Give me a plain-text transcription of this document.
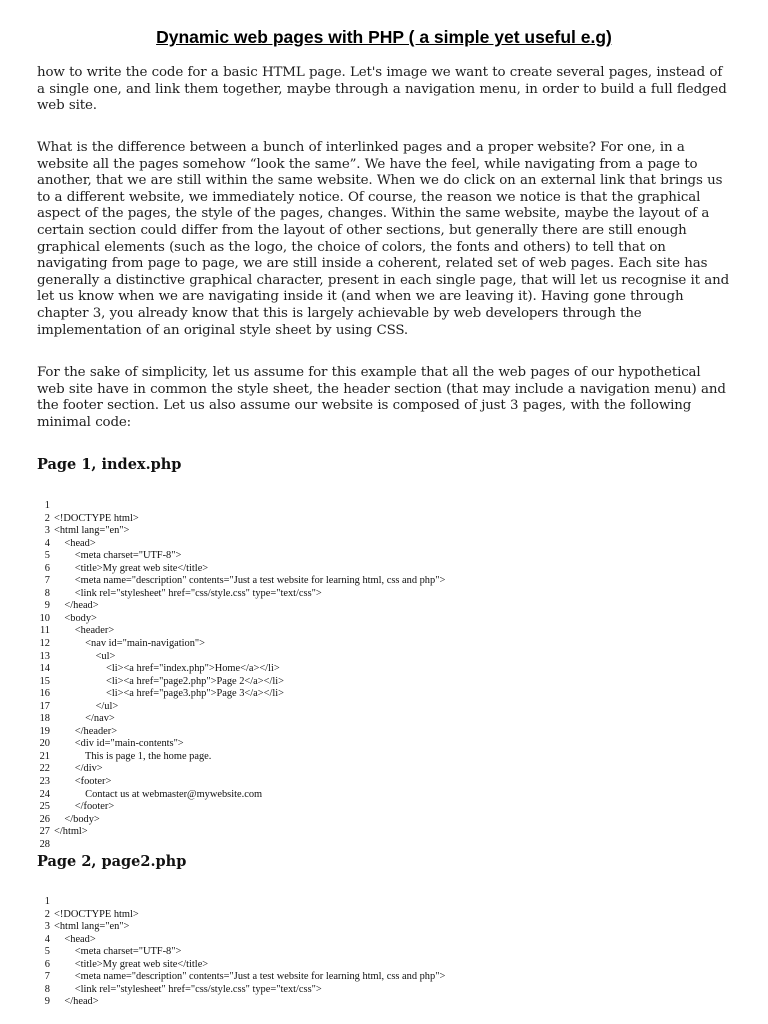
Dynamic web pages with PHP ( a simple yet useful e.g)

how to write the code for a basic HTML page. Let's image we want to create several pages, instead of a single one, and link them together, maybe through a navigation menu, in order to build a full fledged web site.

What is the difference between a bunch of interlinked pages and a proper website? For one, in a website all the pages somehow “look the same”. We have the feel, while navigating from a page to another, that we are still within the same website. When we do click on an external link that brings us to a different website, we immediately notice. Of course, the reason we notice is that the graphical aspect of the pages, the style of the pages, changes. Within the same website, maybe the layout of a certain section could differ from the layout of other sections, but generally there are still enough graphical elements (such as the logo, the choice of colors, the fonts and others) to tell that on navigating from page to page, we are still inside a coherent, related set of web pages. Each site has generally a distinctive graphical character, present in each single page, that will let us recognise it and let us know when we are navigating inside it (and when we are leaving it). Having gone through chapter 3, you already know that this is largely achievable by web developers through the implementation of an original style sheet by using CSS.

For the sake of simplicity, let us assume for this example that all the web pages of our hypothetical web site have in common the style sheet, the header section (that may include a navigation menu) and the footer section. Let us also assume our website is composed of just 3 pages, with the following minimal code:

Page 1, index.php
1
2 <!DOCTYPE html>
3 <html lang="en">
4 <head>
5 <meta charset="UTF-8">
6 <title>My great web site</title>
7 <meta name="description" contents="Just a test website for learning html, css and php">
8 <link rel="stylesheet" href="css/style.css" type="text/css">
9 </head>
10 <body>
11 <header>
12 <nav id="main-navigation">
13 <ul>
14 <li><a href="index.php">Home</a></li>
15 <li><a href="page2.php">Page 2</a></li>
16 <li><a href="page3.php">Page 3</a></li>
17 </ul>
18 </nav>
19 </header>
20 <div id="main-contents">
21 This is page 1, the home page.
22 </div>
23 <footer>
24 Contact us at webmaster@mywebsite.com
25 </footer>
26 </body>
27 </html>
28
Page 2, page2.php
1
2 <!DOCTYPE html>
3 <html lang="en">
4 <head>
5 <meta charset="UTF-8">
6 <title>My great web site</title>
7 <meta name="description" contents="Just a test website for learning html, css and php">
8 <link rel="stylesheet" href="css/style.css" type="text/css">
9 </head>
